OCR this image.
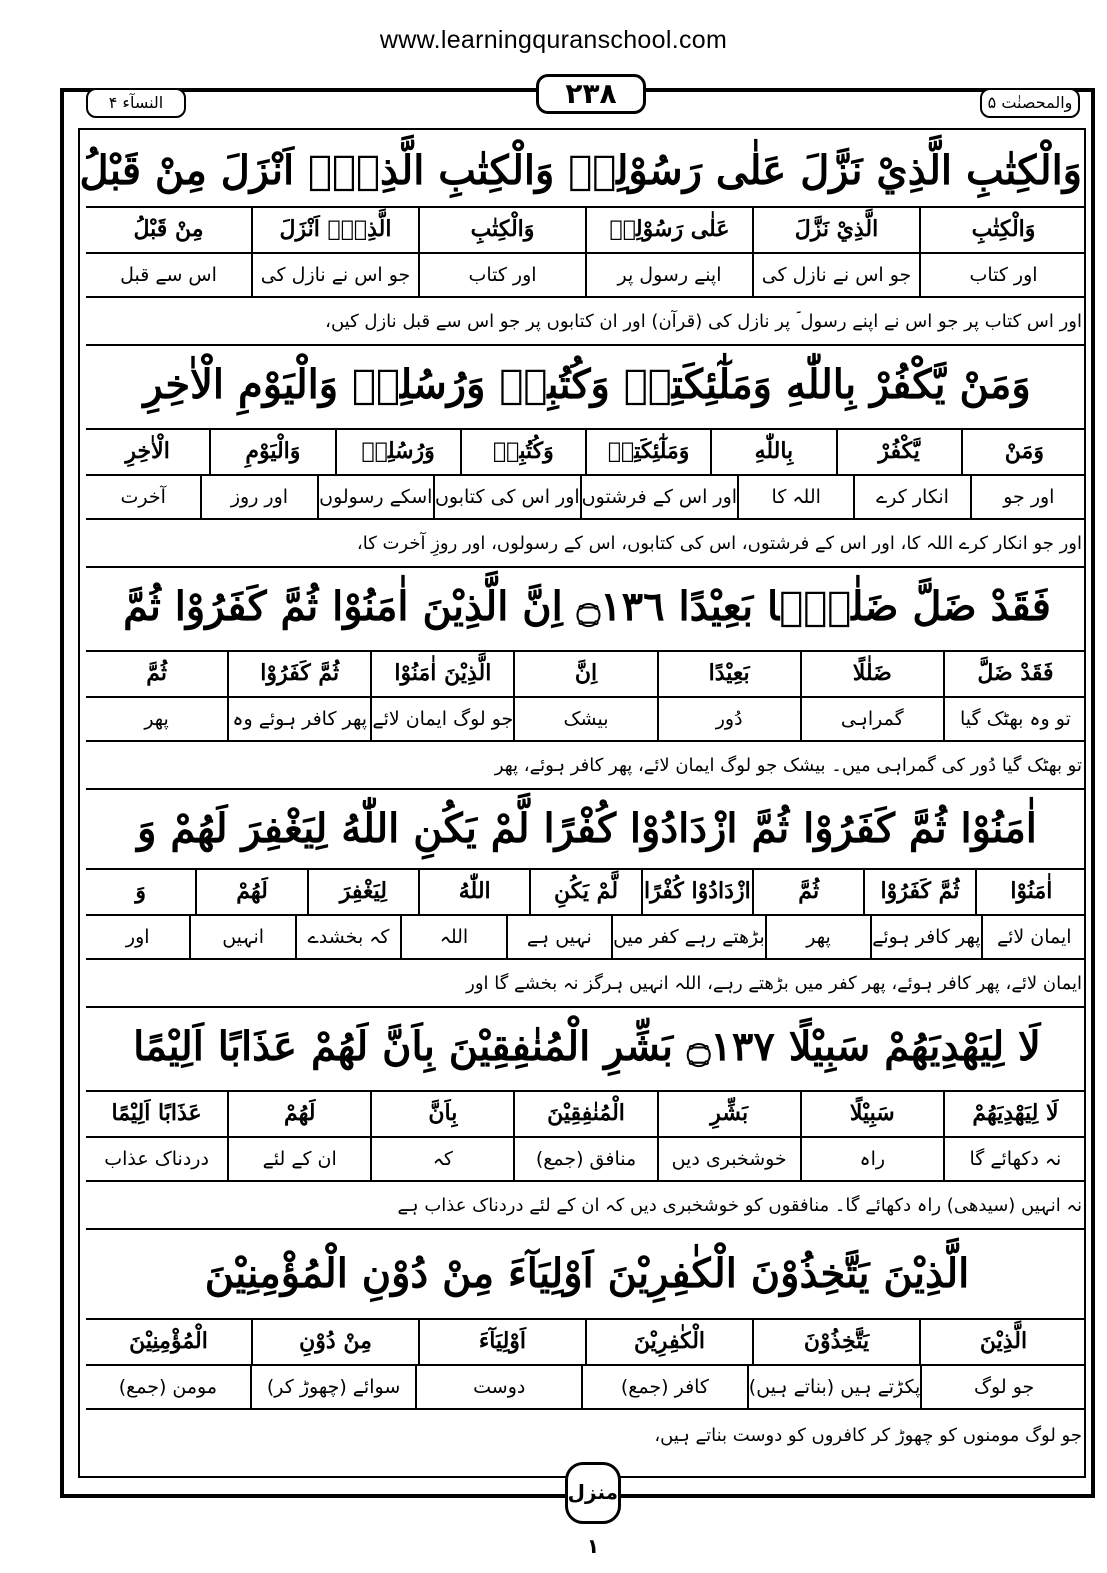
www.learningquranschool.com
والمحصنٰت ۵
النسآء ۴	۲۳۸
وَالْكِتٰبِ الَّذِيْ نَزَّلَ عَلٰى رَسُوْلِهٖ وَالْكِتٰبِ الَّذِيْۤ اَنْزَلَ مِنْ قَبْلُ
وَالْكِتٰبِ
الَّذِيْ نَزَّلَ
عَلٰى رَسُوْلِهٖ
وَالْكِتٰبِ
الَّذِيْۤ اَنْزَلَ
مِنْ قَبْلُ
اور کتاب
جو اس نے نازل کی
اپنے رسول پر
اور کتاب
جو اس نے نازل کی
اس سے قبل
اور اس کتاب پر جو اس نے اپنے رسول ؐ پر نازل کی (قرآن) اور ان کتابوں پر جو اس سے قبل نازل کیں،
وَمَنْ يَّكْفُرْ بِاللّٰهِ وَمَلٰٓئِكَتِهٖ وَكُتُبِهٖ وَرُسُلِهٖ وَالْيَوْمِ الْاٰخِرِ
وَمَنْ
يَّكْفُرْ
بِاللّٰهِ
وَمَلٰٓئِكَتِهٖ
وَكُتُبِهٖ
وَرُسُلِهٖ
وَالْيَوْمِ
الْاٰخِرِ
اور جو
انکار کرے
اللہ کا
اور اس کے فرشتوں
اور اس کی کتابوں
اسکے رسولوں
اور روز
آخرت
اور جو انکار کرے اللہ کا، اور اس کے فرشتوں، اس کی کتابوں، اس کے رسولوں، اور روزِ آخرت کا،
فَقَدْ ضَلَّ ضَلٰلًۢا بَعِيْدًا ۝١٣٦ اِنَّ الَّذِيْنَ اٰمَنُوْا ثُمَّ كَفَرُوْا ثُمَّ
فَقَدْ ضَلَّ
ضَلٰلًا
بَعِيْدًا
اِنَّ
الَّذِيْنَ اٰمَنُوْا
ثُمَّ كَفَرُوْا
ثُمَّ
تو وہ بھٹک گیا
گمراہی
دُور
بیشک
جو لوگ ایمان لائے
پھر کافر ہوئے وہ
پھر
تو بھٹک گیا دُور کی گمراہی میں۔ بیشک جو لوگ ایمان لائے، پھر کافر ہوئے، پھر
اٰمَنُوْا ثُمَّ كَفَرُوْا ثُمَّ ازْدَادُوْا كُفْرًا لَّمْ يَكُنِ اللّٰهُ لِيَغْفِرَ لَهُمْ وَ
اٰمَنُوْا
ثُمَّ كَفَرُوْا
ثُمَّ
ازْدَادُوْا كُفْرًا
لَّمْ يَكُنِ
اللّٰهُ
لِيَغْفِرَ
لَهُمْ
وَ
ایمان لائے
پھر کافر ہوئے
پھر
بڑھتے رہے کفر میں
نہیں ہے
اللہ
کہ بخشدے
انہیں
اور
ایمان لائے، پھر کافر ہوئے، پھر کفر میں بڑھتے رہے، اللہ انہیں ہرگز نہ بخشے گا اور
لَا لِيَهْدِيَهُمْ سَبِيْلًا ۝١٣٧ بَشِّرِ الْمُنٰفِقِيْنَ بِاَنَّ لَهُمْ عَذَابًا اَلِيْمًا
لَا لِيَهْدِيَهُمْ
سَبِيْلًا
بَشِّرِ
الْمُنٰفِقِيْنَ
بِاَنَّ
لَهُمْ
عَذَابًا اَلِيْمًا
نہ دکھائے گا
راہ
خوشخبری دیں
منافق (جمع)
کہ
ان کے لئے
دردناک عذاب
نہ انہیں (سیدھی) راہ دکھائے گا۔ منافقوں کو خوشخبری دیں کہ ان کے لئے دردناک عذاب ہے
الَّذِيْنَ يَتَّخِذُوْنَ الْكٰفِرِيْنَ اَوْلِيَآءَ مِنْ دُوْنِ الْمُؤْمِنِيْنَ
الَّذِيْنَ
يَتَّخِذُوْنَ
الْكٰفِرِيْنَ
اَوْلِيَآءَ
مِنْ دُوْنِ
الْمُؤْمِنِيْنَ
جو لوگ
پکڑتے ہیں (بناتے ہیں)
کافر (جمع)
دوست
سوائے (چھوڑ کر)
مومن (جمع)
جو لوگ مومنوں کو چھوڑ کر کافروں کو دوست بناتے ہیں،
منزل ۱
